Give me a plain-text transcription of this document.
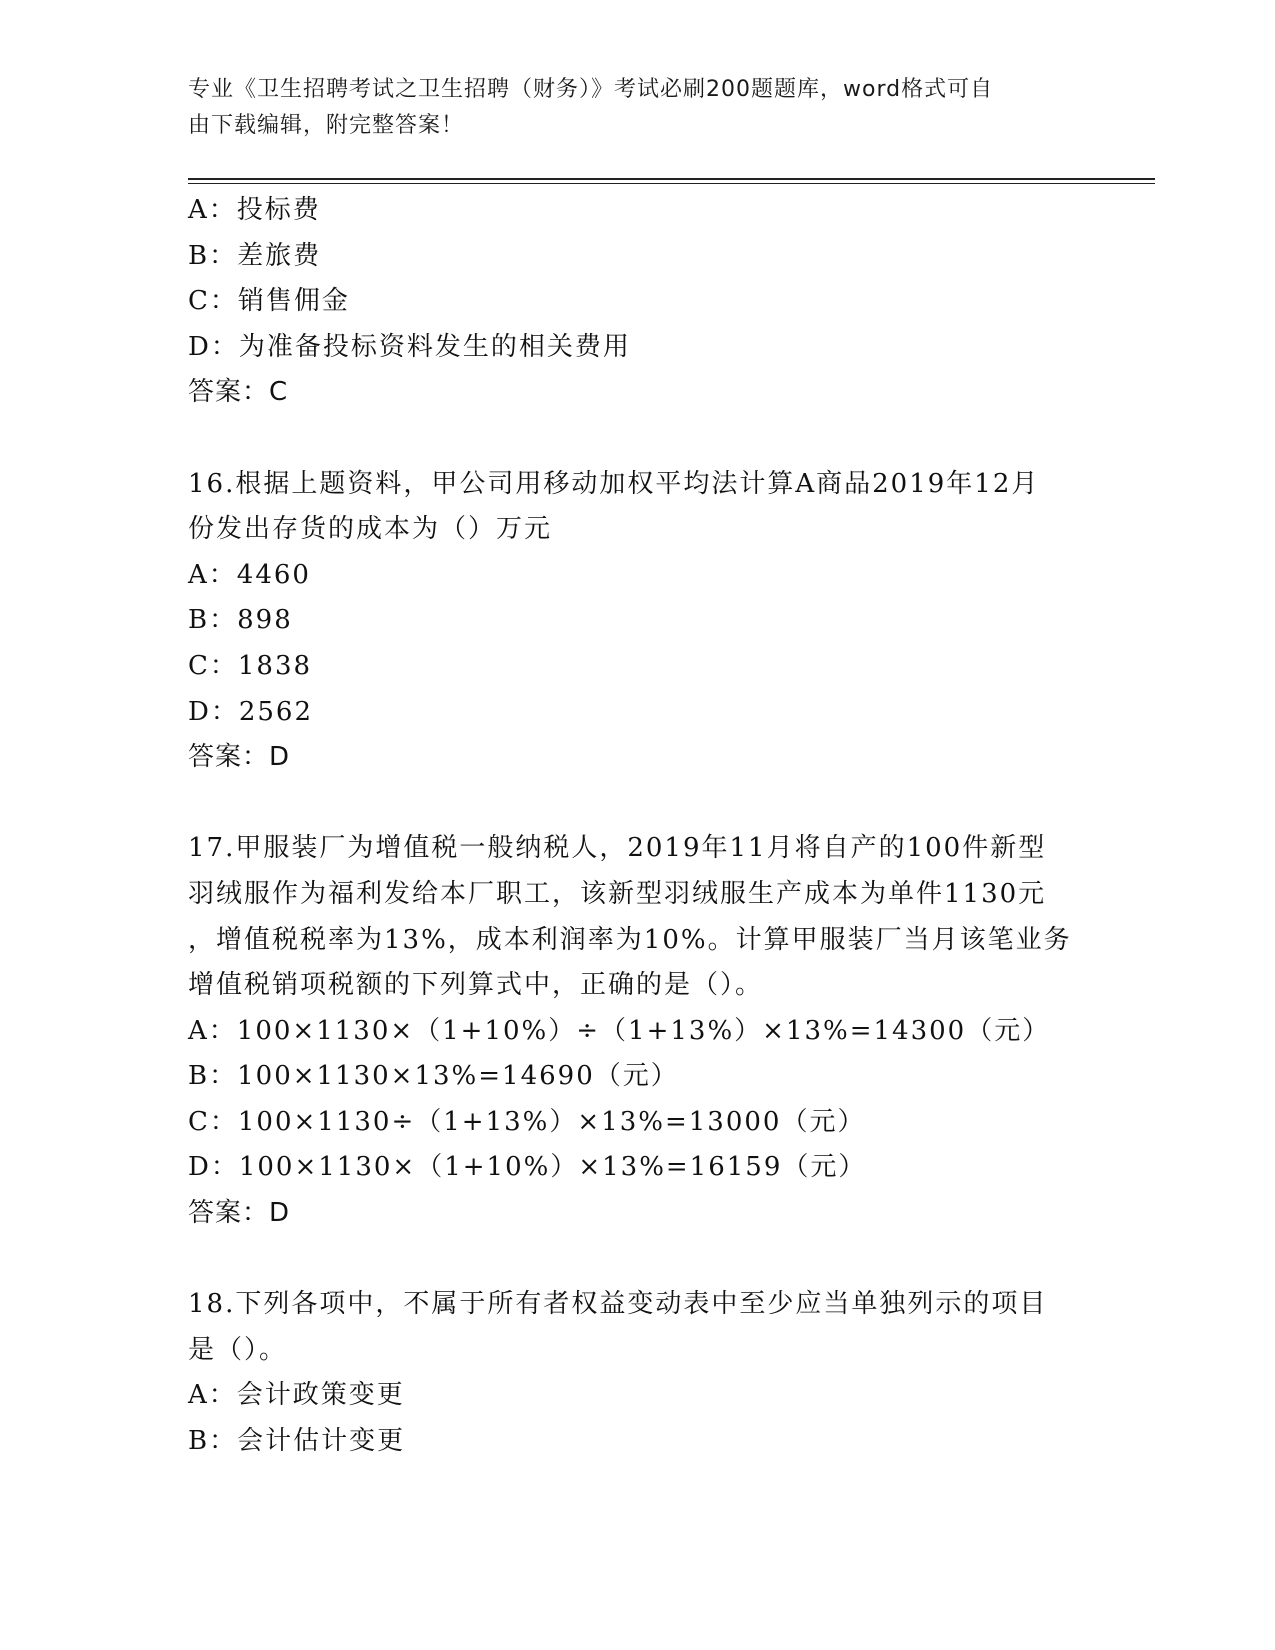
专业《卫生招聘考试之卫生招聘（财务）》考试必刷200题题库，word格式可自
由下载编辑，附完整答案！
A：投标费
B：差旅费
C：销售佣金
D：为准备投标资料发生的相关费用
答案：C
16.根据上题资料，甲公司用移动加权平均法计算A商品2019年12月
份发出存货的成本为（）万元
A：4460
B：898
C：1838
D：2562
答案：D
17.甲服装厂为增值税一般纳税人，2019年11月将自产的100件新型
羽绒服作为福利发给本厂职工，该新型羽绒服生产成本为单件1130元
，增值税税率为13%，成本利润率为10%。计算甲服装厂当月该笔业务
增值税销项税额的下列算式中，正确的是（）。
A：100×1130×（1+10%）÷（1+13%）×13%=14300（元）
B：100×1130×13%=14690（元）
C：100×1130÷（1+13%）×13%=13000（元）
D：100×1130×（1+10%）×13%=16159（元）
答案：D
18.下列各项中，不属于所有者权益变动表中至少应当单独列示的项目
是（）。
A：会计政策变更
B：会计估计变更
